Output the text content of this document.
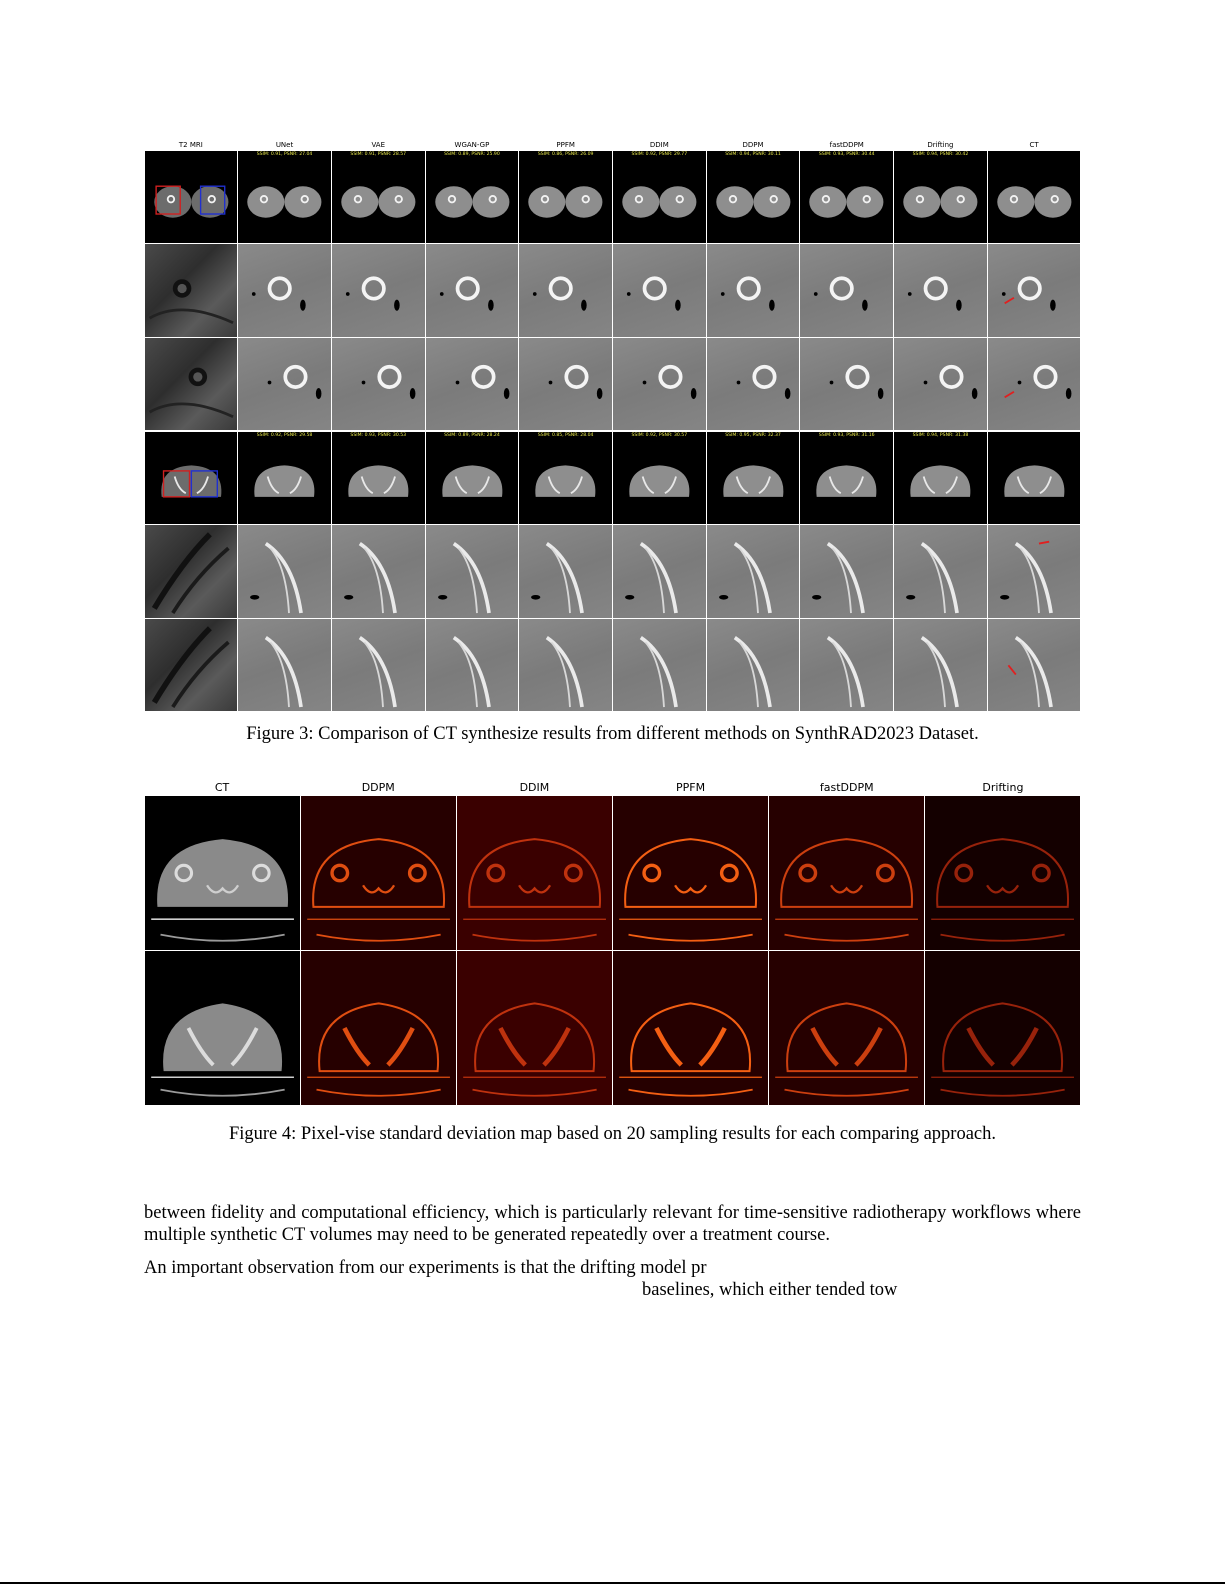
T2 MRI	UNet	VAE	WGAN-GP	PPFM	DDIM	DDPM	fastDDPM	Drifting	CT
SSIM: 0.91, PSNR: 27.04	SSIM: 0.91, PSNR: 28.57	SSIM: 0.89, PSNR: 25.90	SSIM: 0.86, PSNR: 26.09	SSIM: 0.92, PSNR: 29.77	SSIM: 0.94, PSNR: 30.11	SSIM: 0.93, PSNR: 30.44	SSIM: 0.94, PSNR: 30.42
SSIM: 0.92, PSNR: 29.58	SSIM: 0.93, PSNR: 30.53	SSIM: 0.89, PSNR: 28.24	SSIM: 0.85, PSNR: 28.04	SSIM: 0.92, PSNR: 30.57	SSIM: 0.95, PSNR: 32.37	SSIM: 0.93, PSNR: 31.16	SSIM: 0.94, PSNR: 31.38
Figure 3: Comparison of CT synthesize results from different methods on SynthRAD2023 Dataset.
CT	DDPM	DDIM	PPFM	fastDDPM	Drifting
Figure 4: Pixel-vise standard deviation map based on 20 sampling results for each comparing approach.
between fidelity and computational efficiency, which is particularly relevant for time-sensitive radiotherapy workflows where multiple synthetic CT volumes may need to be generated repeatedly over a treatment course.
An important observation from our experiments is that the drifting model pr
baselines, which either tended tow
